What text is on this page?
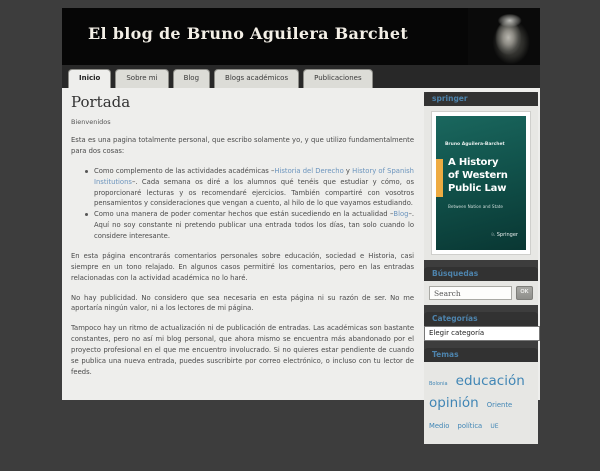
El blog de Bruno Aguilera Barchet
Inicio	Sobre mi	Blog	Blogs académicos	Publicaciones
Portada
Bienvenidos

Esta es una pagina totalmente personal, que escribo solamente yo, y que utilizo fundamentalmente para dos cosas:

Como complemento de las actividades académicas –Historia del Derecho y History of Spanish Institutions–. Cada semana os diré a los alumnos qué tenéis que estudiar y cómo, os proporcionaré lecturas y os recomendaré ejercicios. También compartiré con vosotros pensamientos y consideraciones que vengan a cuento, al hilo de lo que vayamos estudiando.
Como una manera de poder comentar hechos que están sucediendo en la actualidad –Blog–. Aquí no soy constante ni pretendo publicar una entrada todos los días, tan solo cuando lo considere interesante.

En esta página encontrarás comentarios personales sobre educación, sociedad e Historia, casi siempre en un tono relajado. En algunos casos permitiré los comentarios, pero en las entradas relacionadas con la actividad académica no lo haré.

No hay publicidad. No considero que sea necesaria en esta página ni su razón de ser. No me aportaría ningún valor, ni a los lectores de mi página.

Tampoco hay un ritmo de actualización ni de publicación de entradas. Las académicas son bastante constantes, pero no así mi blog personal, que ahora mismo se encuentra más abandonado por el proyecto profesional en el que me encuentro involucrado. Si no quieres estar pendiente de cuando se publica una nueva entrada, puedes suscribirte por correo electrónico, o incluso con tu lector de feeds.

springer
Bruno Aguilera-Barchet
A History
of Western
Public Law
Between Nation and State
♘ Springer
Búsquedas
Search
OK
Categorías
Elegir categoría
Temas
Bolonia educación opinión Oriente Medio política UE
